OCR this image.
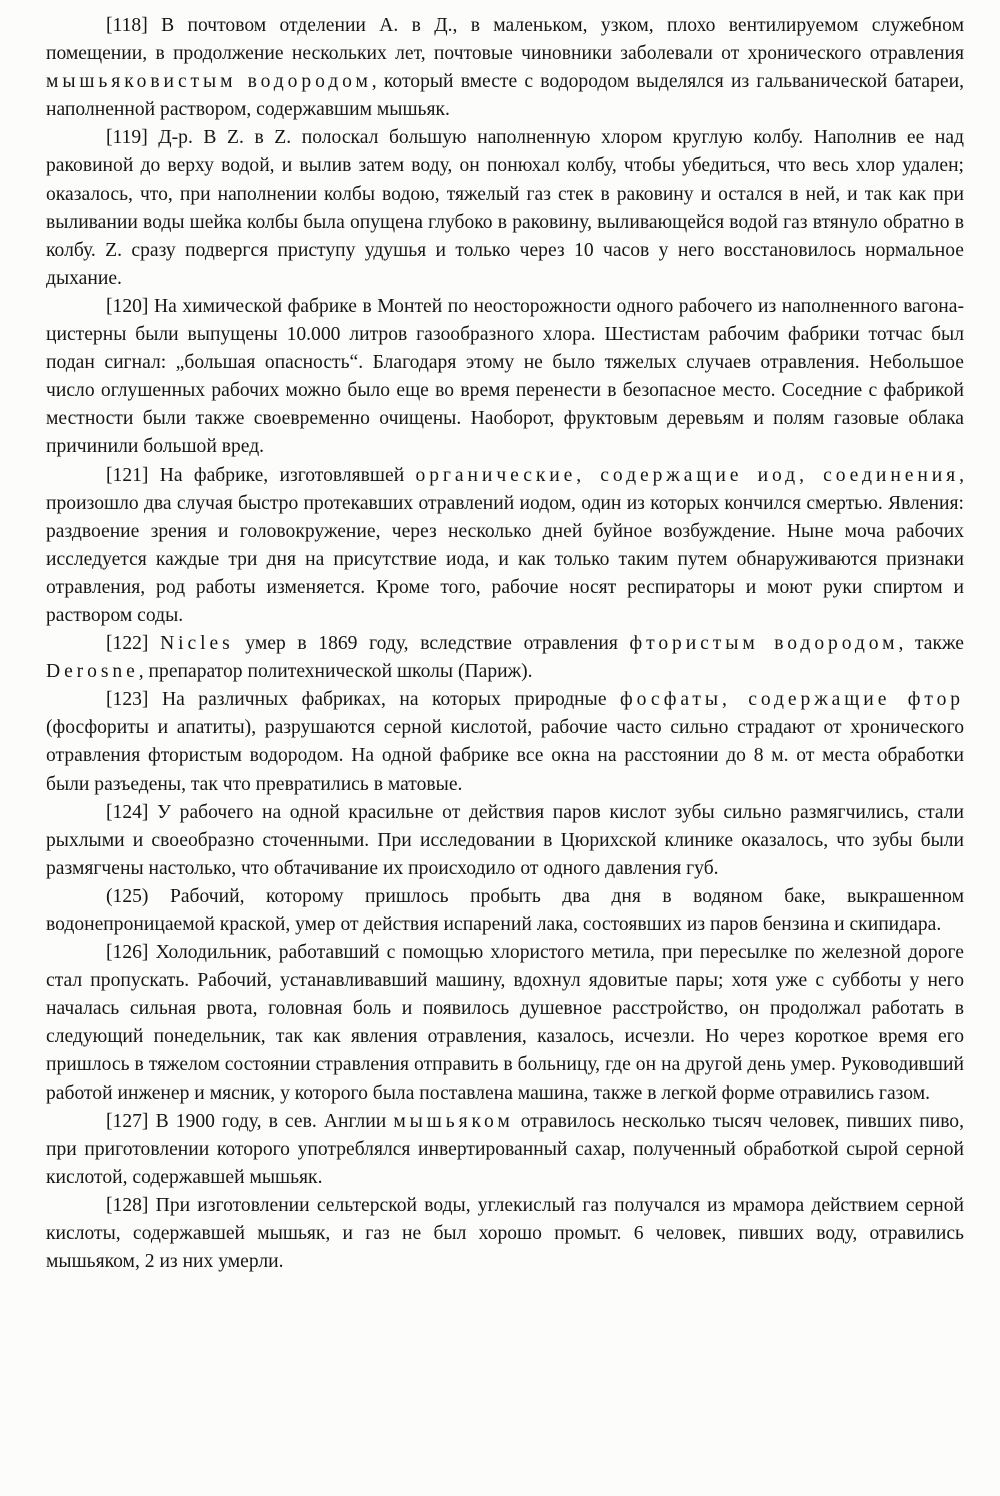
[118] В почтовом отделении А. в Д., в маленьком, узком, плохо вентилируемом служебном помещении, в продолжение нескольких лет, почтовые чиновники заболевали от хронического отравления мышьяковистым водородом, который вместе с водородом выделялся из гальванической батареи, наполненной раствором, содержавшим мышьяк.

[119] Д-р. В Z. в Z. полоскал большую наполненную хлором круглую колбу. Наполнив ее над раковиной до верху водой, и вылив затем воду, он понюхал колбу, чтобы убедиться, что весь хлор удален; оказалось, что, при наполнении колбы водою, тяжелый газ стек в раковину и остался в ней, и так как при выливании воды шейка колбы была опущена глубоко в раковину, выливающейся водой газ втянуло обратно в колбу. Z. сразу подвергся приступу удушья и только через 10 часов у него восстановилось нормальное дыхание.

[120] На химической фабрике в Монтей по неосторожности одного рабочего из наполненного вагона-цистерны были выпущены 10.000 литров газообразного хлора. Шестистам рабочим фабрики тотчас был подан сигнал: „большая опасность“. Благодаря этому не было тяжелых случаев отравления. Небольшое число оглушенных рабочих можно было еще во время перенести в безопасное место. Соседние с фабрикой местности были также своевременно очищены. Наоборот, фруктовым деревьям и полям газовые облака причинили большой вред.

[121] На фабрике, изготовлявшей органические, содержащие иод, соединения, произошло два случая быстро протекавших отравлений иодом, один из которых кончился смертью. Явления: раздвоение зрения и головокружение, через несколько дней буйное возбуждение. Ныне моча рабочих исследуется каждые три дня на присутствие иода, и как только таким путем обнаруживаются признаки отравления, род работы изменяется. Кроме того, рабочие носят респираторы и моют руки спиртом и раствором соды.

[122] Nicles умер в 1869 году, вследствие отравления фтористым водородом, также Derosne, препаратор политехнической школы (Париж).

[123] На различных фабриках, на которых природные фосфаты, содержащие фтор (фосфориты и апатиты), разрушаются серной кислотой, рабочие часто сильно страдают от хронического отравления фтористым водородом. На одной фабрике все окна на расстоянии до 8 м. от места обработки были разъедены, так что превратились в матовые.

[124] У рабочего на одной красильне от действия паров кислот зубы сильно размягчились, стали рыхлыми и своеобразно сточенными. При исследовании в Цюрихской клинике оказалось, что зубы были размягчены настолько, что обтачивание их происходило от одного давления губ.

(125) Рабочий, которому пришлось пробыть два дня в водяном баке, выкрашенном водонепроницаемой краской, умер от действия испарений лака, состоявших из паров бензина и скипидара.

[126] Холодильник, работавший с помощью хлористого метила, при пересылке по железной дороге стал пропускать. Рабочий, устанавливавший машину, вдохнул ядовитые пары; хотя уже с субботы у него началась сильная рвота, головная боль и появилось душевное расстройство, он продолжал работать в следующий понедельник, так как явления отравления, казалось, исчезли. Но через короткое время его пришлось в тяжелом состоянии стравления отправить в больницу, где он на другой день умер. Руководивший работой инженер и мясник, у которого была поставлена машина, также в легкой форме отравились газом.

[127] В 1900 году, в сев. Англии мышьяком отравилось несколько тысяч человек, пивших пиво, при приготовлении которого употреблялся инвертированный сахар, полученный обработкой сырой серной кислотой, содержавшей мышьяк.

[128] При изготовлении сельтерской воды, углекислый газ получался из мрамора действием серной кислоты, содержавшей мышьяк, и газ не был хорошо промыт. 6 человек, пивших воду, отравились мышьяком, 2 из них умерли.
